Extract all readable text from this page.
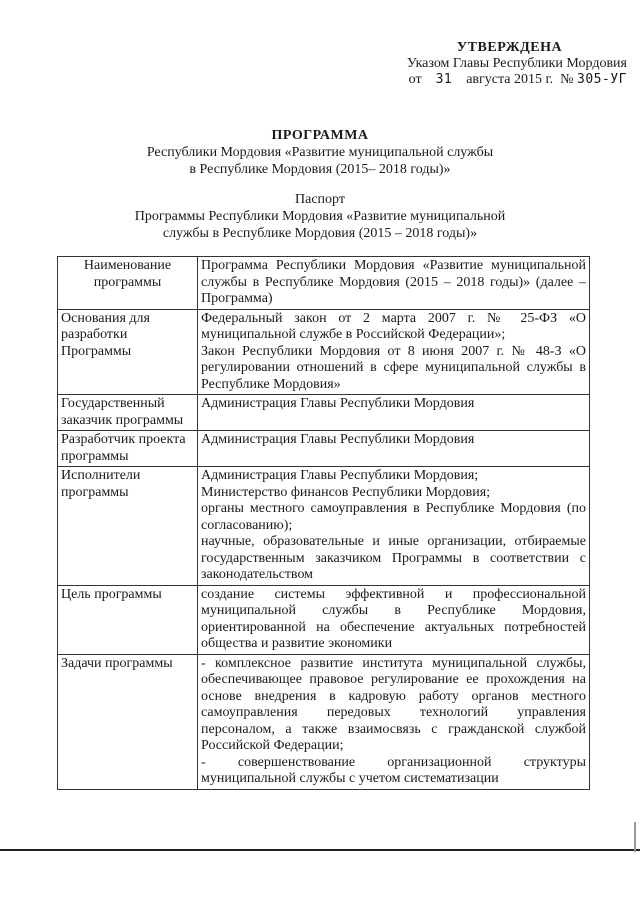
УТВЕРЖДЕНА
Указом Главы Республики Мордовия
от 31 августа 2015 г. № 305-УГ
ПРОГРАММА
Республики Мордовия «Развитие муниципальной службы
в Республике Мордовия (2015– 2018 годы)»
Паспорт
Программы Республики Мордовия «Развитие муниципальной
службы в Республике Мордовия (2015 – 2018 годы)»
Наименование программы	Программа Республики Мордовия «Развитие муниципальной службы в Республике Мордовия (2015 – 2018 годы)» (далее – Программа)

Основания для разработки Программы	Федеральный закон от 2 марта 2007 г. № 25-ФЗ «О муниципальной службе в Российской Федерации»;

Закон Республики Мордовия от 8 июня 2007 г. № 48-З «О регулировании отношений в сфере муниципальной службы в Республике Мордовия»

Государственный заказчик программы	Администрация Главы Республики Мордовия

Разработчик проекта программы	Администрация Главы Республики Мордовия

Исполнители программы	Администрация Главы Республики Мордовия;

Министерство финансов Республики Мордовия;

органы местного самоуправления в Республике Мордовия (по согласованию);

научные, образовательные и иные организации, отбираемые государственным заказчиком Программы в соответствии с законодательством

Цель программы	создание системы эффективной и профессиональной муниципальной службы в Республике Мордовия, ориентированной на обеспечение актуальных потребностей общества и развитие экономики

Задачи программы	- комплексное развитие института муниципальной службы, обеспечивающее правовое регулирование ее прохождения на основе внедрения в кадровую работу органов местного самоуправления передовых технологий управления персоналом, а также взаимосвязь с гражданской службой Российской Федерации;

- совершенствование организационной структуры муниципальной службы с учетом систематизации
